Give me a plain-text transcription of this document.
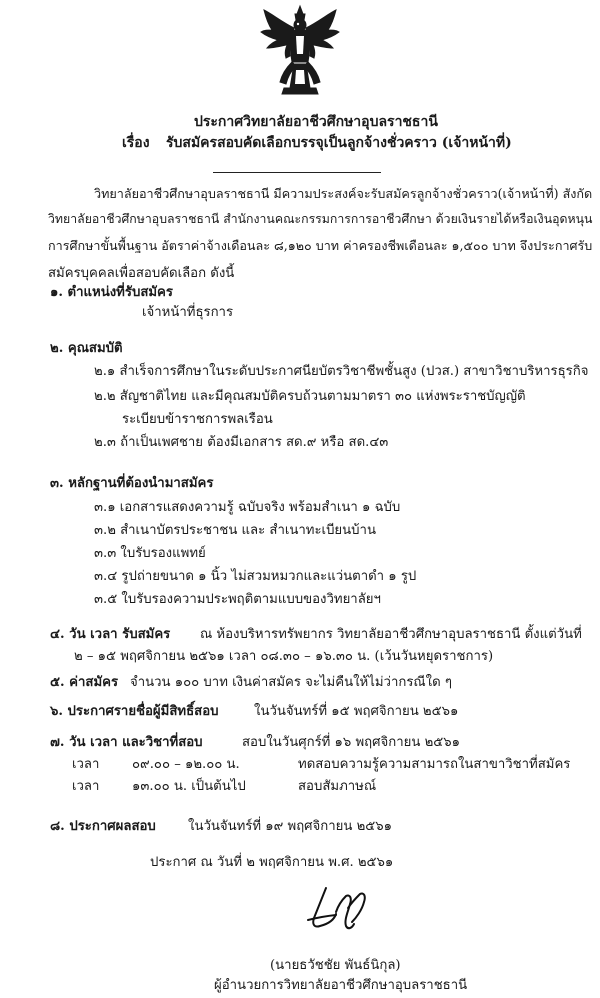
ประกาศวิทยาลัยอาชีวศึกษาอุบลราชธานี
เรื่อง รับสมัครสอบคัดเลือกบรรจุเป็นลูกจ้างชั่วคราว (เจ้าหน้าที่)
วิทยาลัยอาชีวศึกษาอุบลราชธานี มีความประสงค์จะรับสมัครลูกจ้างชั่วคราว(เจ้าหน้าที่) สังกัด
วิทยาลัยอาชีวศึกษาอุบลราชธานี สำนักงานคณะกรรมการการอาชีวศึกษา ด้วยเงินรายได้หรือเงินอุดหนุน
การศึกษาขั้นพื้นฐาน อัตราค่าจ้างเดือนละ ๘,๑๒๐ บาท ค่าครองชีพเดือนละ ๑,๕๐๐ บาท จึงประกาศรับ
สมัครบุคคลเพื่อสอบคัดเลือก ดังนี้
๑. ตำแหน่งที่รับสมัคร
เจ้าหน้าที่ธุรการ
๒. คุณสมบัติ
๒.๑ สำเร็จการศึกษาในระดับประกาศนียบัตรวิชาชีพชั้นสูง (ปวส.) สาขาวิชาบริหารธุรกิจ
๒.๒ สัญชาติไทย และมีคุณสมบัติครบถ้วนตามมาตรา ๓๐ แห่งพระราชบัญญัติ
ระเบียบข้าราชการพลเรือน
๒.๓ ถ้าเป็นเพศชาย ต้องมีเอกสาร สด.๙ หรือ สด.๔๓
๓. หลักฐานที่ต้องนำมาสมัคร
๓.๑ เอกสารแสดงความรู้ ฉบับจริง พร้อมสำเนา ๑ ฉบับ
๓.๒ สำเนาบัตรประชาชน และ สำเนาทะเบียนบ้าน
๓.๓ ใบรับรองแพทย์
๓.๔ รูปถ่ายขนาด ๑ นิ้ว ไม่สวมหมวกและแว่นตาดำ ๑ รูป
๓.๕ ใบรับรองความประพฤติตามแบบของวิทยาลัยฯ
๔. วัน เวลา รับสมัคร ณ ห้องบริหารทรัพยากร วิทยาลัยอาชีวศึกษาอุบลราชธานี ตั้งแต่วันที่
๒ – ๑๕ พฤศจิกายน ๒๕๖๑ เวลา ๐๘.๓๐ – ๑๖.๓๐ น. (เว้นวันหยุดราชการ)
๕. ค่าสมัคร จำนวน ๑๐๐ บาท เงินค่าสมัคร จะไม่คืนให้ไม่ว่ากรณีใด ๆ
๖. ประกาศรายชื่อผู้มีสิทธิ์สอบ	ในวันจันทร์ที่ ๑๕ พฤศจิกายน ๒๕๖๑
๗. วัน เวลา และวิชาที่สอบ	สอบในวันศุกร์ที่ ๑๖ พฤศจิกายน ๒๕๖๑
เวลา ๐๙.๐๐ – ๑๒.๐๐ น.	ทดสอบความรู้ความสามารถในสาขาวิชาที่สมัคร
เวลา ๑๓.๐๐ น. เป็นต้นไป	สอบสัมภาษณ์
๘. ประกาศผลสอบ ในวันจันทร์ที่ ๑๙ พฤศจิกายน ๒๕๖๑
ประกาศ ณ วันที่ ๒ พฤศจิกายน พ.ศ. ๒๕๖๑
(นายธวัชชัย พันธ์นิกุล)
ผู้อำนวยการวิทยาลัยอาชีวศึกษาอุบลราชธานี
